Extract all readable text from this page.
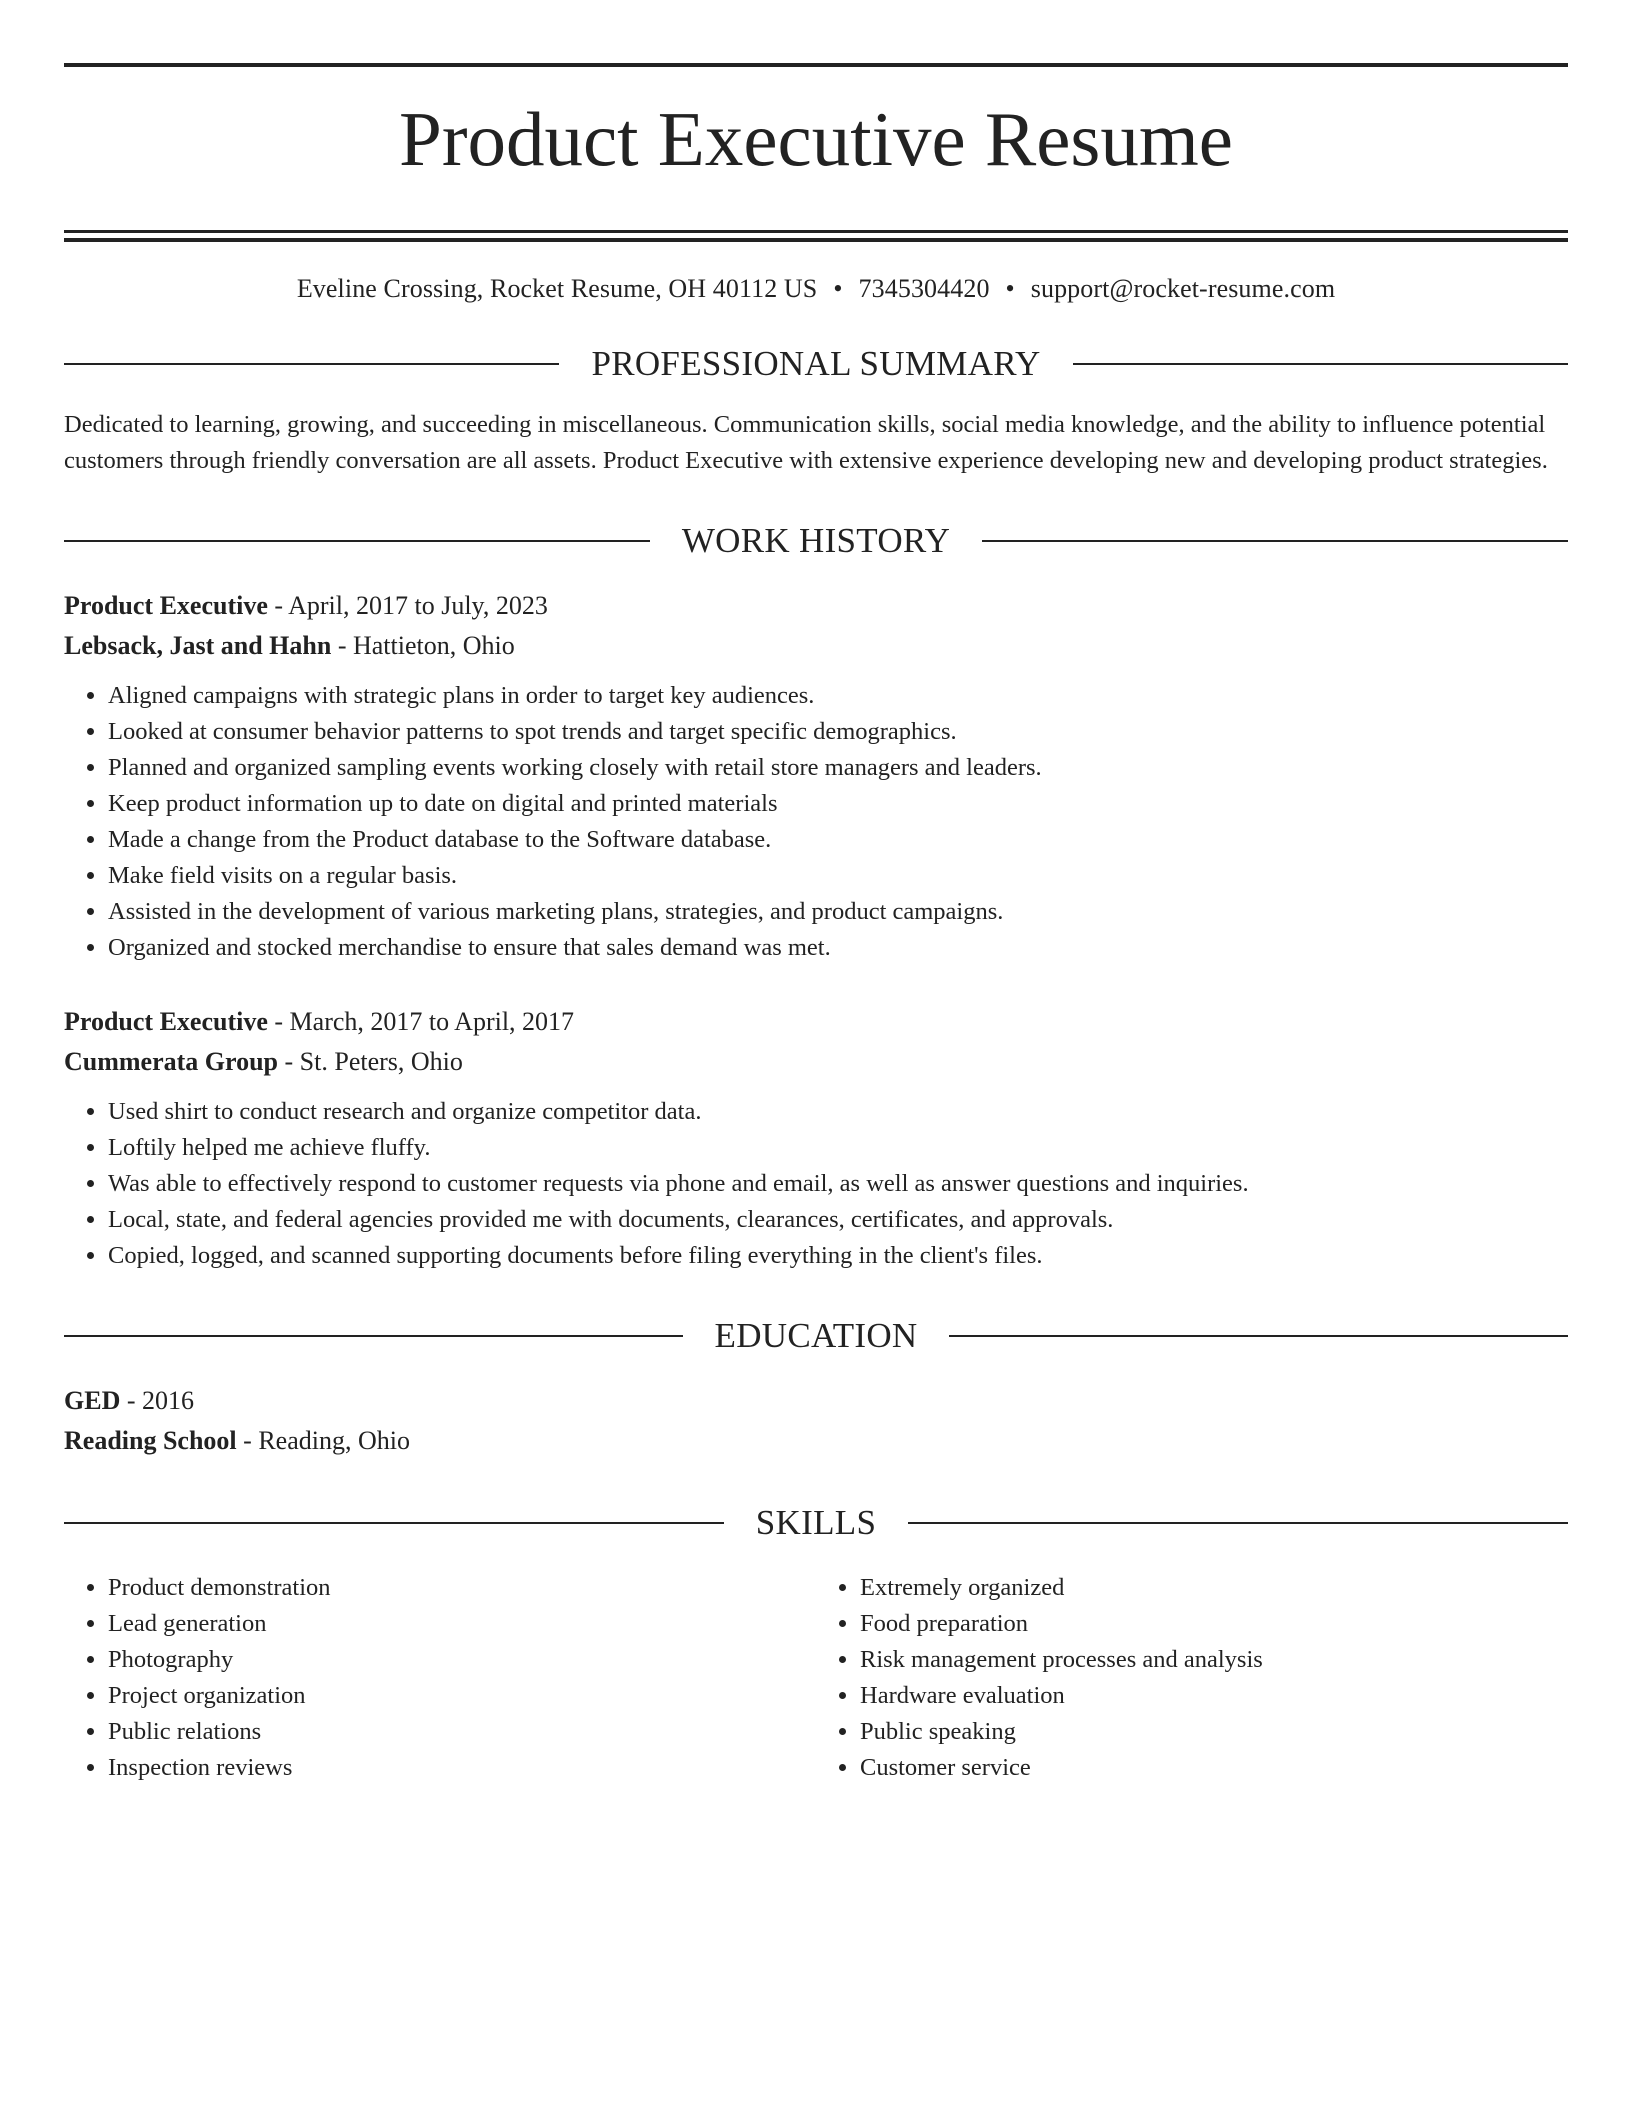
Product Executive Resume
Eveline Crossing, Rocket Resume, OH 40112 US • 7345304420 • support@rocket-resume.com
PROFESSIONAL SUMMARY
Dedicated to learning, growing, and succeeding in miscellaneous. Communication skills, social media knowledge, and the ability to influence potential customers through friendly conversation are all assets. Product Executive with extensive experience developing new and developing product strategies.
WORK HISTORY
Product Executive - April, 2017 to July, 2023
Lebsack, Jast and Hahn - Hattieton, Ohio
• Aligned campaigns with strategic plans in order to target key audiences.
• Looked at consumer behavior patterns to spot trends and target specific demographics.
• Planned and organized sampling events working closely with retail store managers and leaders.
• Keep product information up to date on digital and printed materials
• Made a change from the Product database to the Software database.
• Make field visits on a regular basis.
• Assisted in the development of various marketing plans, strategies, and product campaigns.
• Organized and stocked merchandise to ensure that sales demand was met.
Product Executive - March, 2017 to April, 2017
Cummerata Group - St. Peters, Ohio
• Used shirt to conduct research and organize competitor data.
• Loftily helped me achieve fluffy.
• Was able to effectively respond to customer requests via phone and email, as well as answer questions and inquiries.
• Local, state, and federal agencies provided me with documents, clearances, certificates, and approvals.
• Copied, logged, and scanned supporting documents before filing everything in the client's files.
EDUCATION
GED - 2016
Reading School - Reading, Ohio
SKILLS
• Product demonstration
• Lead generation
• Photography
• Project organization
• Public relations
• Inspection reviews
• Extremely organized
• Food preparation
• Risk management processes and analysis
• Hardware evaluation
• Public speaking
• Customer service
